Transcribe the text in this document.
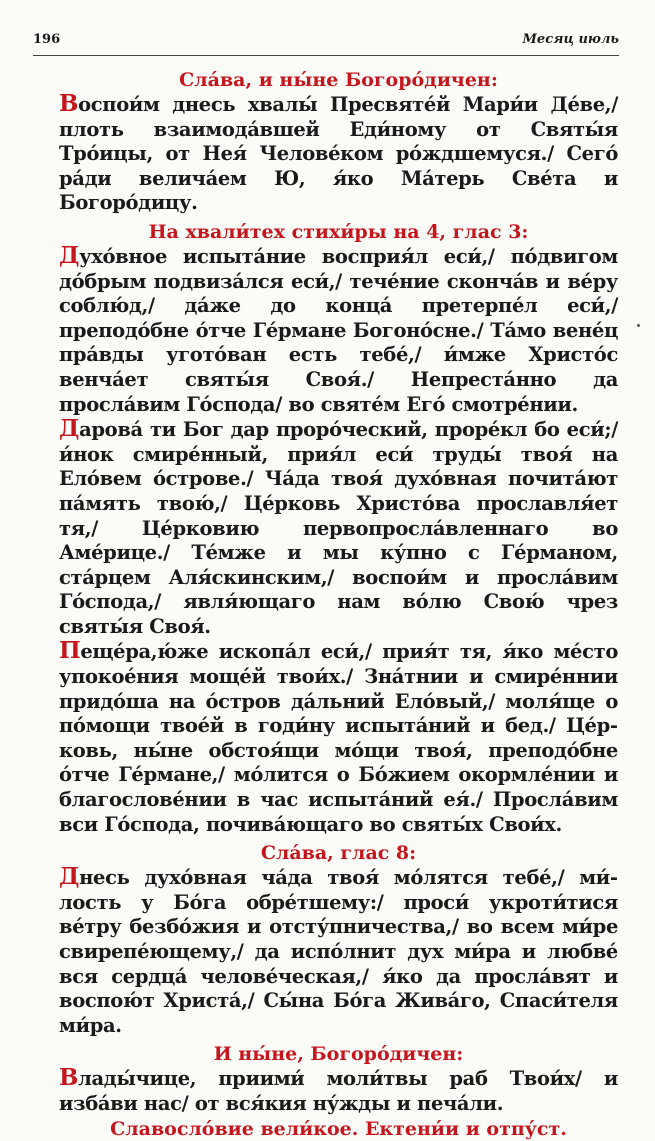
196	Месяц июль
Сла́ва, и ны́не Богоро́дичен:

Воспои́м днесь хвалы́ Пресвяте́й Мари́и Де́ве,/ плоть взаимода́вшей Еди́ному от Святы́я Тро́ицы, от Нея́ Челове́ком ро́ждшемуся./ Сего́ ра́ди велича́ем Ю, я́ко Ма́терь Све́та и Богоро́дицу.

На хвали́тех стихи́ры на 4, глас 3:

Дуxо́вное испыта́ние восприя́л еси́,/ по́двигом до́брым подвиза́лся еси́,/ тече́ние сконча́в и ве́ру соблю́д,/ да́же до конца́ претерпе́л еси́,/ преподо́бне о́тче Ге́рмане Богоно́сне./ Та́мо вене́ц пра́вды угото́ван есть тебе́,/ и́мже Христо́с венча́ет святы́я Своя́./ Непреста́нно да просла́вим Го́спода/ во святе́м Его́ смотре́нии.

Дарова́ ти Бог дар проро́ческий, проре́кл бо еси́;/ и́нок смире́нный, прия́л еси́ труды́ твоя́ на Ело́вем о́строве./ Ча́да твоя́ духо́вная почита́ют па́мять твою́,/ Це́рковь Христо́ва прославля́ет тя,/ Це́рковию первопросла́вленнаго во Аме́рице./ Те́мже и мы ку́пно с Ге́рманом, ста́рцем Аля́скинским,/ воспои́м и просла́вим Го́спода,/ явля́ющаго нам во́лю Свою́ чрез святы́я Своя́.

Пеще́ра,ю́же ископа́л еси́,/ прия́т тя, я́ко ме́сто упокое́ния моще́й твои́х./ Зна́тнии и смире́ннии придо́ша на о́стров да́льний Ело́вый,/ моля́ще о по́мощи твое́й в годи́ну испыта́ний и бед./ Це́рковь, ны́не обстоя́щи мо́щи твоя́, преподо́бне о́тче Ге́рмане,/ мо́лится о Бо́жием окормле́нии и благослове́нии в час испыта́ний ея́./ Просла́вим вси Го́спода, почива́ющаго во святы́х Свои́х.

Сла́ва, глас 8:

Днесь духо́вная ча́да твоя́ мо́лятся тебе́,/ ми́лость у Бо́га обре́тшему:/ проси́ укроти́тися ве́тру безбо́жия и отсту́пничества,/ во всем ми́ре свирепе́ющему,/ да испо́лнит дух ми́ра и любве́ вся сердца́ челове́ческая,/ я́ко да просла́вят и воспою́т Христа́,/ Сы́на Бо́га Жива́го, Спаси́теля ми́ра.

И ны́не, Богоро́дичен:

Влады́чице, приими́ моли́твы раб Твои́х/ и изба́ви нас/ от вся́кия ну́жды и печа́ли.

Славосло́вие вели́кое. Ектени́и и отпу́ст.
